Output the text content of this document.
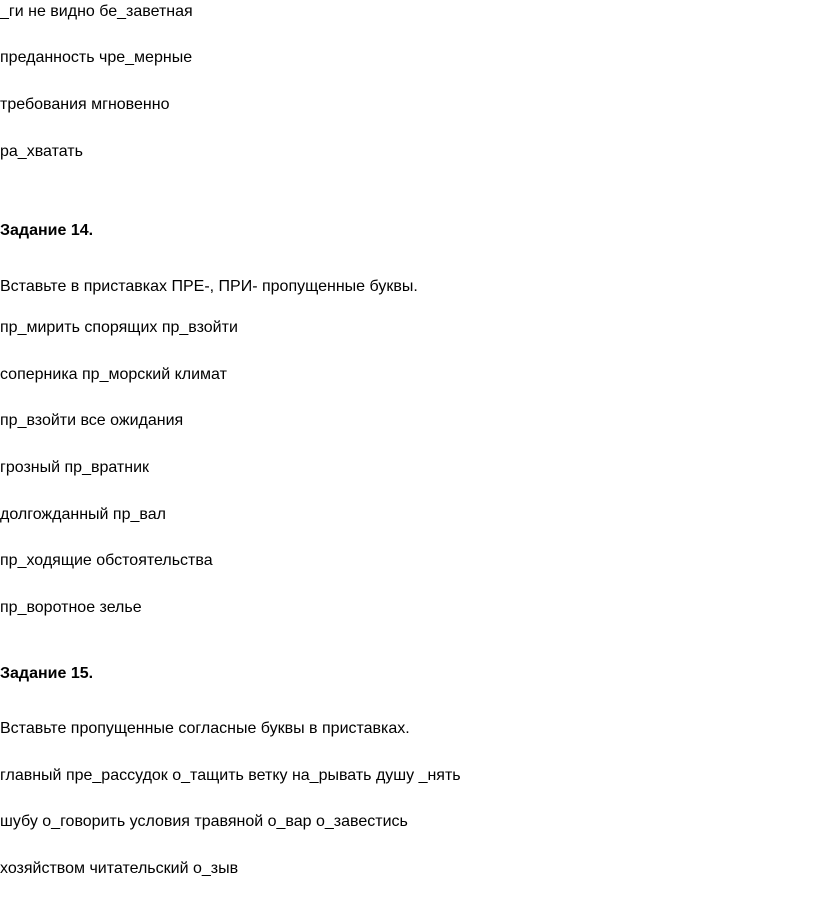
_ги не видно бе_заветная
преданность чре_мерные
требования мгновенно
ра_хватать
Задание 14.
Вставьте в приставках ПРЕ-, ПРИ- пропущенные буквы.
пр_мирить спорящих пр_взойти
соперника пр_морский климат
пр_взойти все ожидания
грозный пр_вратник
долгожданный пр_вал
пр_ходящие обстоятельства
пр_воротное зелье
Задание 15.
Вставьте пропущенные согласные буквы в приставках.
главный пре_рассудок о_тащить ветку на_рывать душу _нять
шубу о_говорить условия травяной о_вар о_завестись
хозяйством читательский о_зыв
